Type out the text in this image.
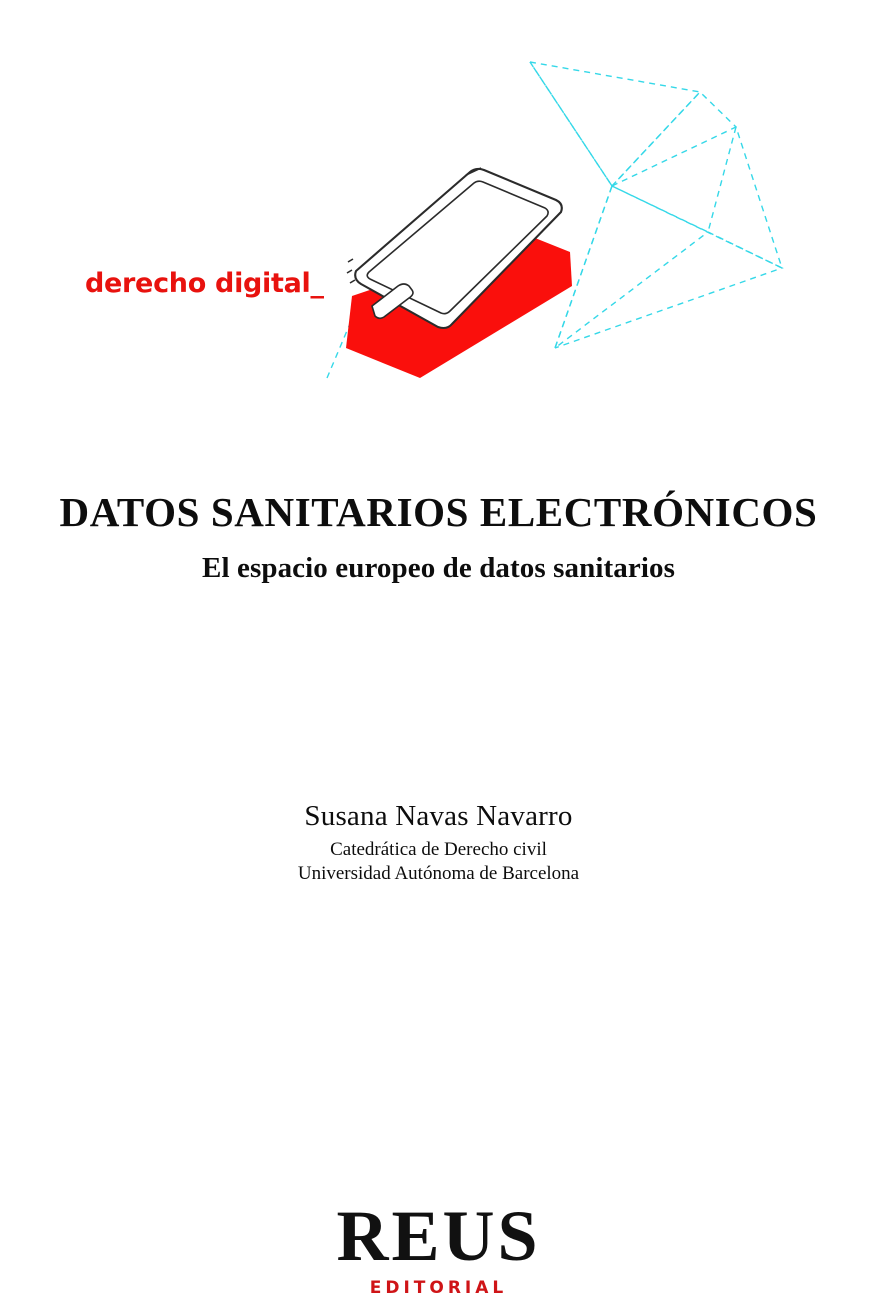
derecho digital_
DATOS SANITARIOS ELECTRÓNICOS
El espacio europeo de datos sanitarios

Susana Navas Navarro

Catedrática de Derecho civil

Universidad Autónoma de Barcelona

REUS

EDITORIAL
